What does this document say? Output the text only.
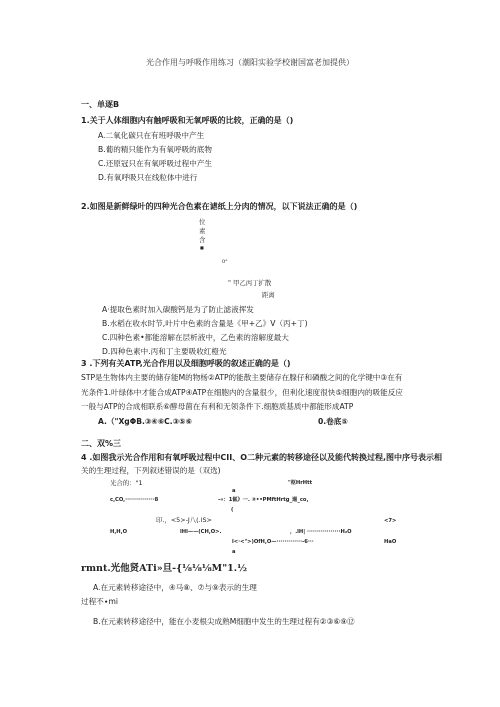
光合作用与呼吸作用练习（潮阳实验学校谢国富老加提供）
一、单逐B
1.关于人体细胞内有触呼吸和无氧呼吸的比较，正确的是（)
A.二氧化碳只在有班呼吸中产生
B.葡的精只能作为有氧呼吸的底物
C.还原冠只在有氧呼吸过程中产生
D.有氧呼吸只在线粒体中进行
2.如图是新鲜绿叶的四种光合色素在谑纸上分肉的情况，以下说法正确的是（)
位
素
含
■
0°
" 甲乙丙丁扩散
距离
A·提取色素时加入碳酸钙是为了防止滤液挥发
B.水稻在收水时节,叶片中色素的含量是《甲+乙》V（丙+丁)
C.四种色素•都能溶解在层析液中，乙色素的溶解度最大
D.四种色素中.丙和丁主要吸收红橙光
3 .下列有关ATP,光合作用以及细胞呼吸的叙述正确的是（)
STP是生物体内主要的储存能M的物杨②ATP的能散主要储存在腺仔和磷酸之间的化学键中③在有
光条件1.叶绿体中才能合成ATP④ATP在细胞内的含量很少，但利化速度很快⑤细胞内的吸能反应
一般与ATP的合成相联系⑥酵母菌在有利和无领条件下.细胞质基质中都能形成ATP
A.（"XgΦB.③④⑥C.③⑤⑥	0.卷底⑤
二、双%三
4 .如图我示光合作用和有氧呼吸过程中CII、O二种元素的转移途径以及能代转换过程,图中序号表示相
关的生理过程，下列叙述错误的是（双选)
光合的："1	"枢HrHtt
a
c,CO,···············8	-«：1氤》一. ②••PMftHrtg_遛_co,
(
印.，<5>-J八(.iS>	<7>
H,H,O	lHl——(CH,O>.	，.lH| ·················H₂O
l<·<">)OfH,O—·············-6···	HaO
a
rmnt.光他贤ATi»旦-{⅛⅛⅛M"1.½
A.在元素转移途径中，④马⑧、⑦与⑨表示的生理
过程不∙mi
B.在元素转移途径中，能在小麦根尖成熟M细胞中发生的生理过程有②③⑥⑨⑫
